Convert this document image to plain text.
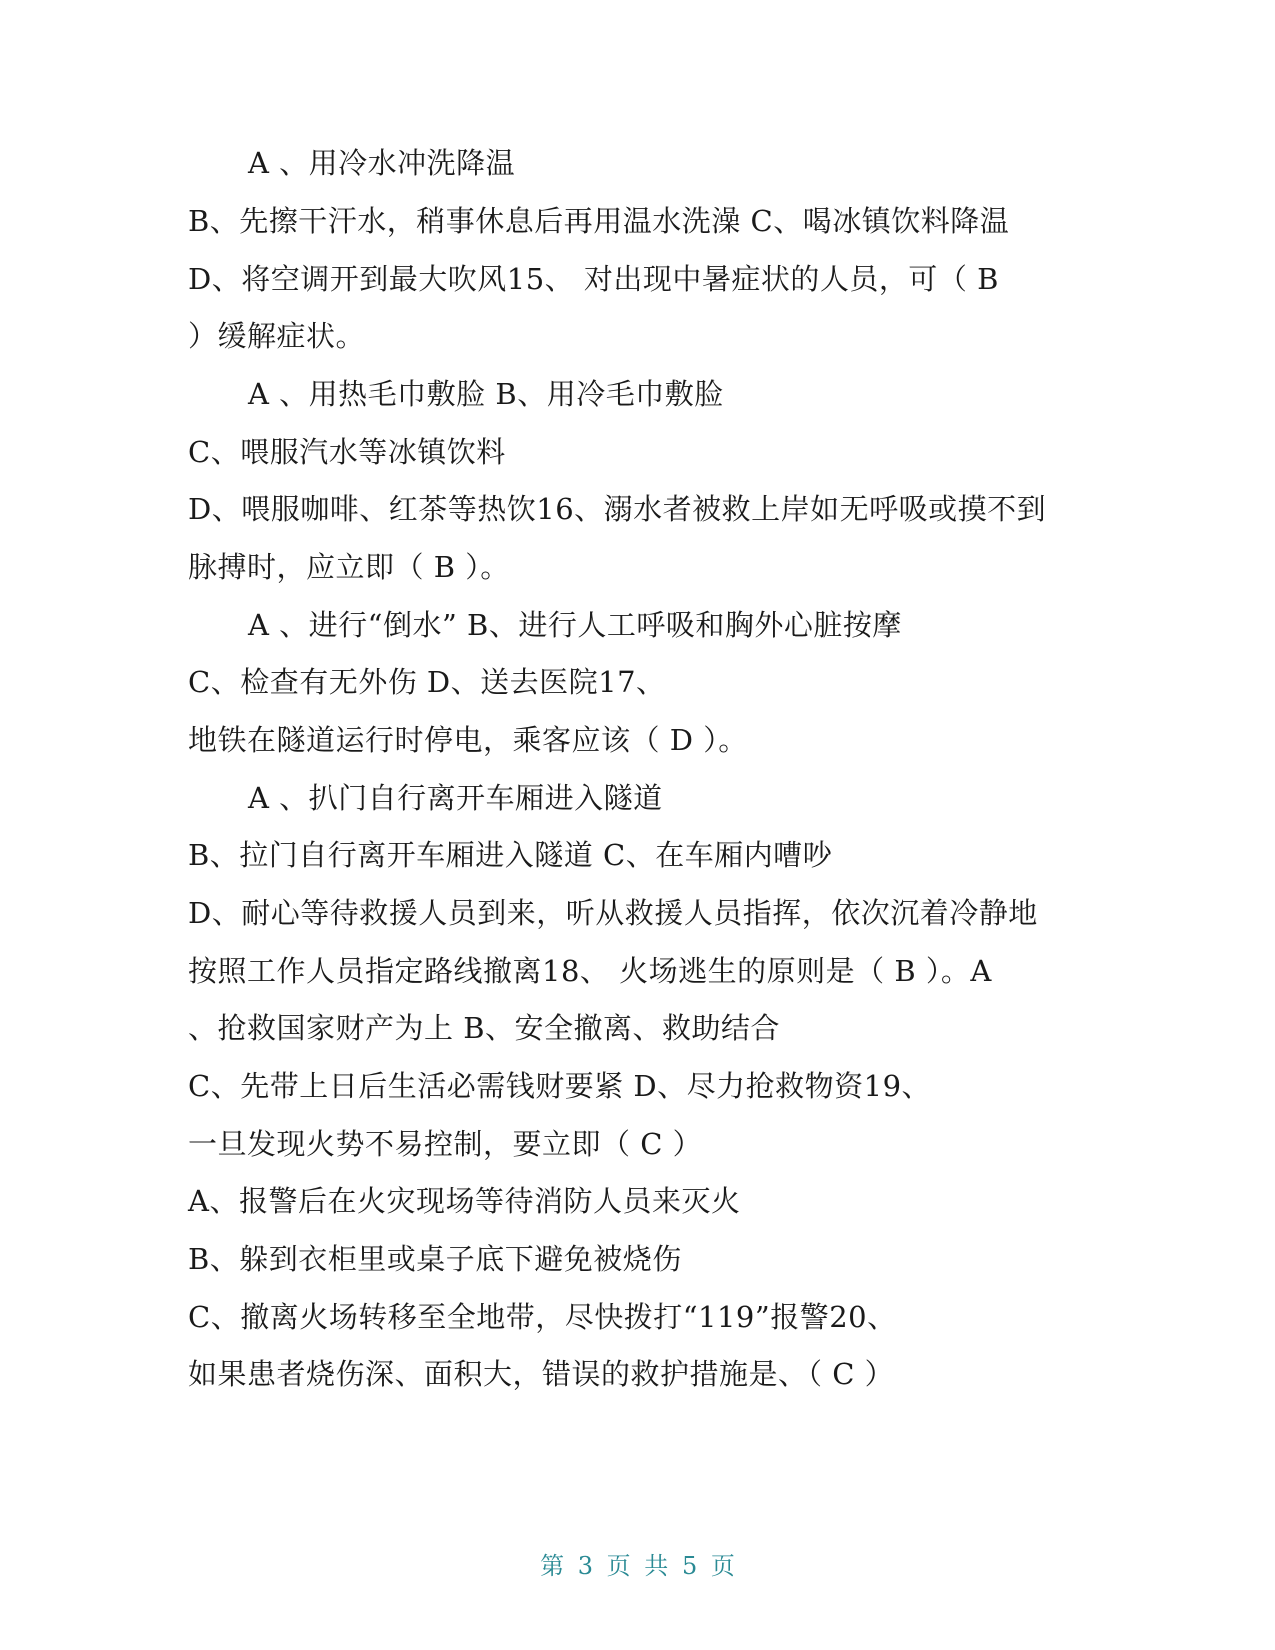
A 、用冷水冲洗降温
B、先擦干汗水，稍事休息后再用温水洗澡 C、喝冰镇饮料降温
D、将空调开到最大吹风15、 对出现中暑症状的人员，可（ B
）缓解症状。
A 、用热毛巾敷脸 B、用冷毛巾敷脸
C、喂服汽水等冰镇饮料
D、喂服咖啡、红茶等热饮16、溺水者被救上岸如无呼吸或摸不到
脉搏时，应立即（ B ）。
A 、进行“倒水” B、进行人工呼吸和胸外心脏按摩
C、检查有无外伤 D、送去医院17、
地铁在隧道运行时停电，乘客应该（ D ）。
A 、扒门自行离开车厢进入隧道
B、拉门自行离开车厢进入隧道 C、在车厢内嘈吵
D、耐心等待救援人员到来，听从救援人员指挥，依次沉着冷静地
按照工作人员指定路线撤离18、 火场逃生的原则是（ B ）。A
、抢救国家财产为上 B、安全撤离、救助结合
C、先带上日后生活必需钱财要紧 D、尽力抢救物资19、
一旦发现火势不易控制，要立即（ C ）
A、报警后在火灾现场等待消防人员来灭火
B、躲到衣柜里或桌子底下避免被烧伤
C、撤离火场转移至全地带，尽快拨打“119”报警20、
如果患者烧伤深、面积大，错误的救护措施是、（ C ）
第 3 页 共 5 页
